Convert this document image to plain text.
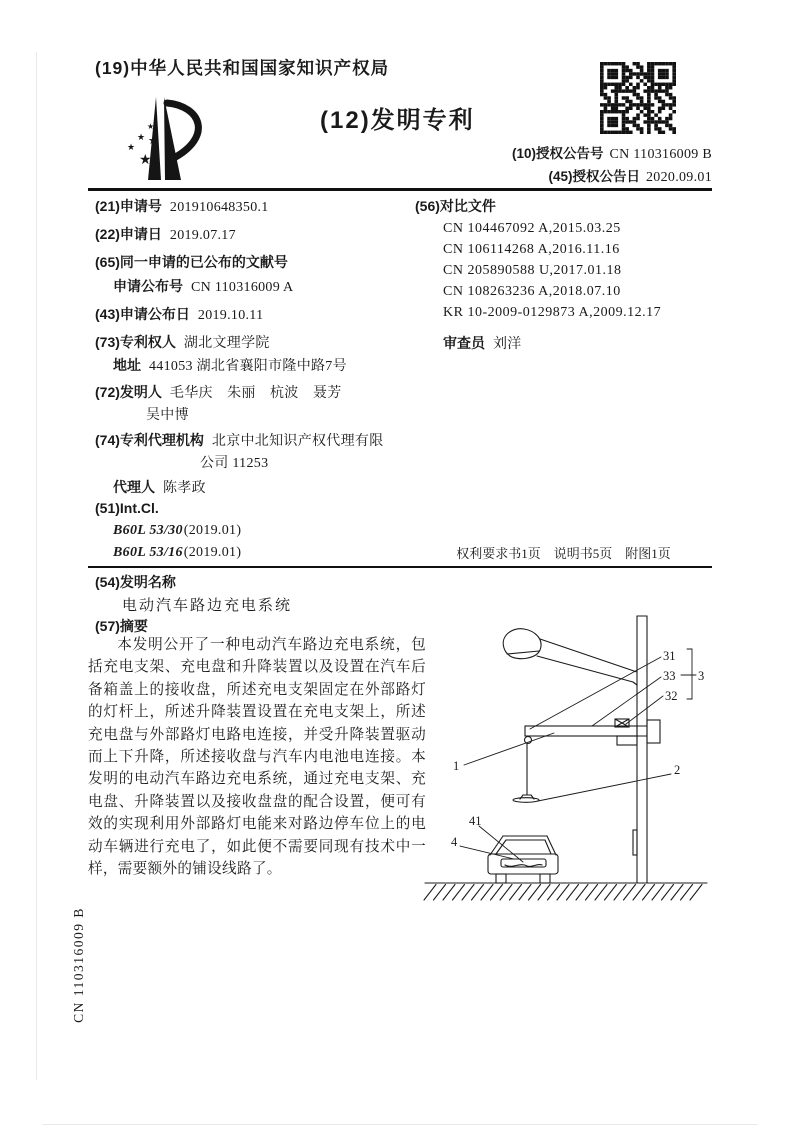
(19)中华人民共和国国家知识产权局
★
★ ★
★
★
(12)发明专利
(10)授权公告号 CN 110316009 B
(45)授权公告日 2020.09.01
(21)申请号 201910648350.1
(22)申请日 2019.07.17
(65)同一申请的已公布的文献号
申请公布号 CN 110316009 A
(43)申请公布日 2019.10.11
(73)专利权人 湖北文理学院
地址 441053 湖北省襄阳市隆中路7号
(72)发明人 毛华庆　朱丽　杭波　聂芳
吴中博
(74)专利代理机构 北京中北知识产权代理有限
公司 11253
代理人 陈孝政
(51)Int.Cl.
B60L 53/30(2019.01)
B60L 53/16(2019.01)
(56)对比文件
CN 104467092 A,2015.03.25
CN 106114268 A,2016.11.16
CN 205890588 U,2017.01.18
CN 108263236 A,2018.07.10
KR 10-2009-0129873 A,2009.12.17
审查员 刘洋
权利要求书1页　说明书5页　附图1页
(54)发明名称
电动汽车路边充电系统
(57)摘要
本发明公开了一种电动汽车路边充电系统，包括充电支架、充电盘和升降装置以及设置在汽车后备箱盖上的接收盘，所述充电支架固定在外部路灯的灯杆上，所述升降装置设置在充电支架上，所述充电盘与外部路灯电路电连接，并受升降装置驱动而上下升降，所述接收盘与汽车内电池电连接。本发明的电动汽车路边充电系统，通过充电支架、充电盘、升降装置以及接收盘盘的配合设置，便可有效的实现利用外部路灯电能来对路边停车位上的电动车辆进行充电了，如此便不需要同现有技术中一样，需要额外的铺设线路了。
31
33
32
3
1	2
41
4
CN 110316009 B
